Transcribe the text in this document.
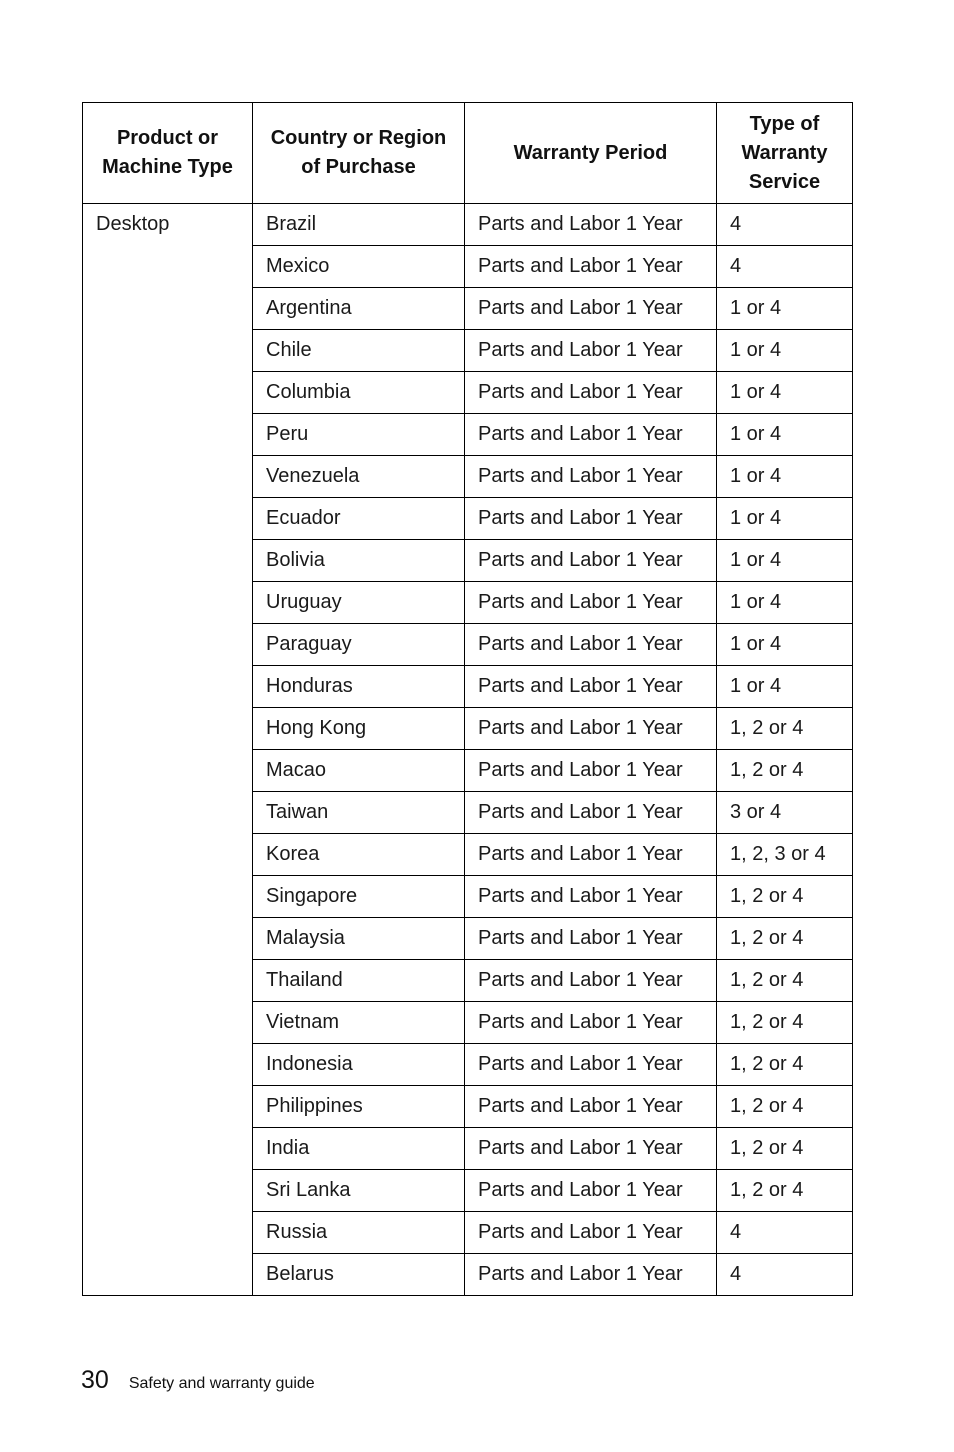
Product or Machine Type	Country or Region of Purchase	Warranty Period	Type of Warranty Service
Desktop	Brazil	Parts and Labor 1 Year	4
	Mexico	Parts and Labor 1 Year	4
	Argentina	Parts and Labor 1 Year	1 or 4
	Chile	Parts and Labor 1 Year	1 or 4
	Columbia	Parts and Labor 1 Year	1 or 4
	Peru	Parts and Labor 1 Year	1 or 4
	Venezuela	Parts and Labor 1 Year	1 or 4
	Ecuador	Parts and Labor 1 Year	1 or 4
	Bolivia	Parts and Labor 1 Year	1 or 4
	Uruguay	Parts and Labor 1 Year	1 or 4
	Paraguay	Parts and Labor 1 Year	1 or 4
	Honduras	Parts and Labor 1 Year	1 or 4
	Hong Kong	Parts and Labor 1 Year	1, 2 or 4
	Macao	Parts and Labor 1 Year	1, 2 or 4
	Taiwan	Parts and Labor 1 Year	3 or 4
	Korea	Parts and Labor 1 Year	1, 2, 3 or 4
	Singapore	Parts and Labor 1 Year	1, 2 or 4
	Malaysia	Parts and Labor 1 Year	1, 2 or 4
	Thailand	Parts and Labor 1 Year	1, 2 or 4
	Vietnam	Parts and Labor 1 Year	1, 2 or 4
	Indonesia	Parts and Labor 1 Year	1, 2 or 4
	Philippines	Parts and Labor 1 Year	1, 2 or 4
	India	Parts and Labor 1 Year	1, 2 or 4
	Sri Lanka	Parts and Labor 1 Year	1, 2 or 4
	Russia	Parts and Labor 1 Year	4
	Belarus	Parts and Labor 1 Year	4
30 Safety and warranty guide
